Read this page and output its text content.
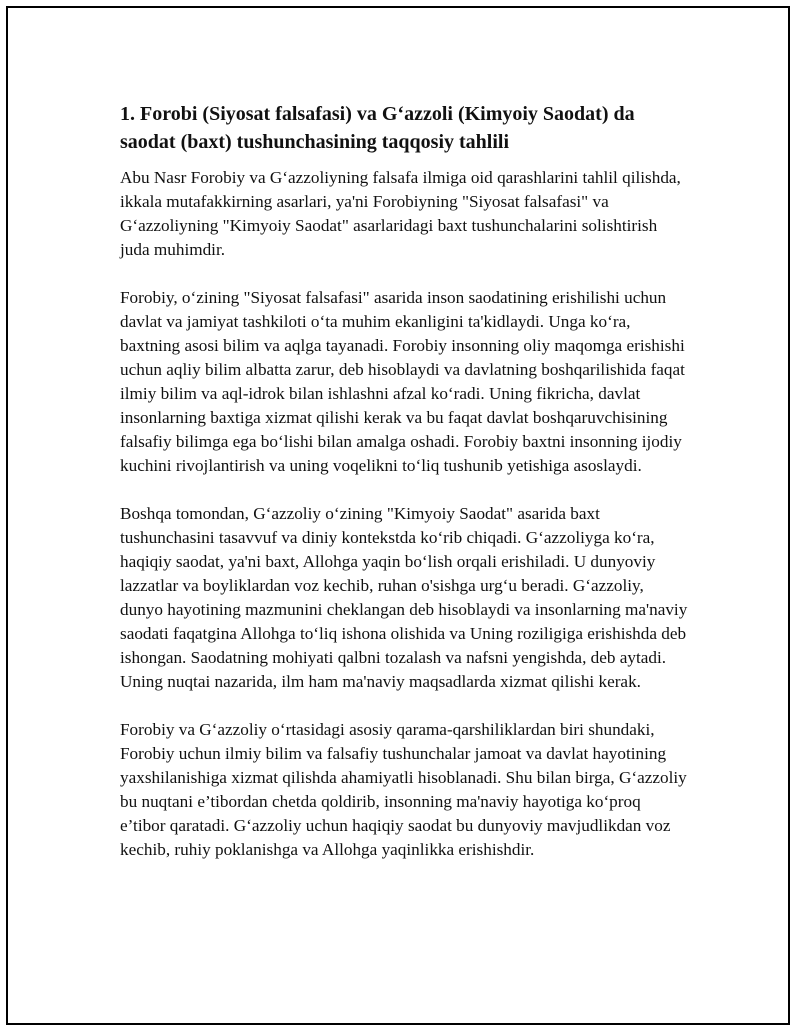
1. Forobi (Siyosat falsafasi) va G‘azzoli (Kimyoiy Saodat) da saodat (baxt) tushunchasining taqqosiy tahlili

Abu Nasr Forobiy va G‘azzoliyning falsafa ilmiga oid qarashlarini tahlil qilishda, ikkala mutafakkirning asarlari, ya'ni Forobiyning "Siyosat falsafasi" va G‘azzoliyning "Kimyoiy Saodat" asarlaridagi baxt tushunchalarini solishtirish juda muhimdir.

Forobiy, o‘zining "Siyosat falsafasi" asarida inson saodatining erishilishi uchun davlat va jamiyat tashkiloti o‘ta muhim ekanligini ta'kidlaydi. Unga ko‘ra, baxtning asosi bilim va aqlga tayanadi. Forobiy insonning oliy maqomga erishishi uchun aqliy bilim albatta zarur, deb hisoblaydi va davlatning boshqarilishida faqat ilmiy bilim va aql-idrok bilan ishlashni afzal ko‘radi. Uning fikricha, davlat insonlarning baxtiga xizmat qilishi kerak va bu faqat davlat boshqaruvchisining falsafiy bilimga ega bo‘lishi bilan amalga oshadi. Forobiy baxtni insonning ijodiy kuchini rivojlantirish va uning voqelikni to‘liq tushunib yetishiga asoslaydi.

Boshqa tomondan, G‘azzoliy o‘zining "Kimyoiy Saodat" asarida baxt tushunchasini tasavvuf va diniy kontekstda ko‘rib chiqadi. G‘azzoliyga ko‘ra, haqiqiy saodat, ya'ni baxt, Allohga yaqin bo‘lish orqali erishiladi. U dunyoviy lazzatlar va boyliklardan voz kechib, ruhan o'sishga urg‘u beradi. G‘azzoliy, dunyo hayotining mazmunini cheklangan deb hisoblaydi va insonlarning ma'naviy saodati faqatgina Allohga to‘liq ishona olishida va Uning roziligiga erishishda deb ishongan. Saodatning mohiyati qalbni tozalash va nafsni yengishda, deb aytadi. Uning nuqtai nazarida, ilm ham ma'naviy maqsadlarda xizmat qilishi kerak.

Forobiy va G‘azzoliy o‘rtasidagi asosiy qarama-qarshiliklardan biri shundaki, Forobiy uchun ilmiy bilim va falsafiy tushunchalar jamoat va davlat hayotining yaxshilanishiga xizmat qilishda ahamiyatli hisoblanadi. Shu bilan birga, G‘azzoliy bu nuqtani e’tibordan chetda qoldirib, insonning ma'naviy hayotiga ko‘proq e’tibor qaratadi. G‘azzoliy uchun haqiqiy saodat bu dunyoviy mavjudlikdan voz kechib, ruhiy poklanishga va Allohga yaqinlikka erishishdir.
